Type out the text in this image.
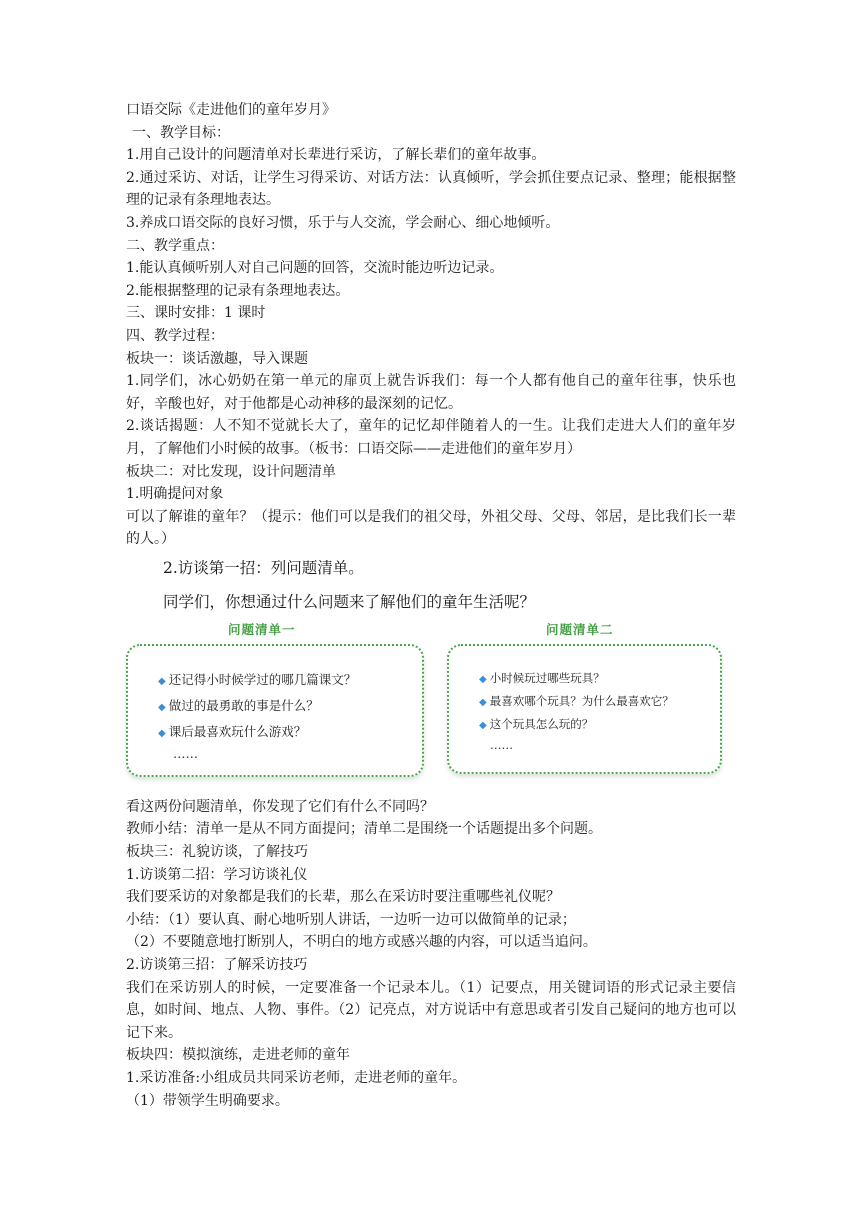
口语交际《走进他们的童年岁月》

一、教学目标：

1.用自己设计的问题清单对长辈进行采访，了解长辈们的童年故事。

2.通过采访、对话，让学生习得采访、对话方法：认真倾听，学会抓住要点记录、整理；能根据整理的记录有条理地表达。

3.养成口语交际的良好习惯，乐于与人交流，学会耐心、细心地倾听。

二、教学重点：

1.能认真倾听别人对自己问题的回答，交流时能边听边记录。

2.能根据整理的记录有条理地表达。

三、课时安排：1 课时

四、教学过程：

板块一：谈话激趣，导入课题

1.同学们，冰心奶奶在第一单元的扉页上就告诉我们：每一个人都有他自己的童年往事，快乐也好，辛酸也好，对于他都是心动神移的最深刻的记忆。

2.谈话揭题：人不知不觉就长大了，童年的记忆却伴随着人的一生。让我们走进大人们的童年岁月，了解他们小时候的故事。（板书：口语交际——走进他们的童年岁月）

板块二：对比发现，设计问题清单

1.明确提问对象

可以了解谁的童年？（提示：他们可以是我们的祖父母，外祖父母、父母、邻居，是比我们长一辈的人。）

2.访谈第一招：列问题清单。

同学们，你想通过什么问题来了解他们的童年生活呢？

问题清单一	问题清单二
◆ 还记得小时候学过的哪几篇课文？
◆ 做过的最勇敢的事是什么？
◆ 课后最喜欢玩什么游戏？
……
◆ 小时候玩过哪些玩具？
◆ 最喜欢哪个玩具？为什么最喜欢它？
◆ 这个玩具怎么玩的？
……

看这两份问题清单，你发现了它们有什么不同吗？

教师小结：清单一是从不同方面提问；清单二是围绕一个话题提出多个问题。

板块三：礼貌访谈，了解技巧

1.访谈第二招：学习访谈礼仪

我们要采访的对象都是我们的长辈，那么在采访时要注重哪些礼仪呢？

小结：（1）要认真、耐心地听别人讲话，一边听一边可以做简单的记录；

（2）不要随意地打断别人，不明白的地方或感兴趣的内容，可以适当追问。

2.访谈第三招：了解采访技巧

我们在采访别人的时候，一定要准备一个记录本儿。（1）记要点，用关键词语的形式记录主要信息，如时间、地点、人物、事件。（2）记亮点，对方说话中有意思或者引发自己疑问的地方也可以记下来。

板块四：模拟演练，走进老师的童年

1.采访准备:小组成员共同采访老师，走进老师的童年。

（1）带领学生明确要求。
